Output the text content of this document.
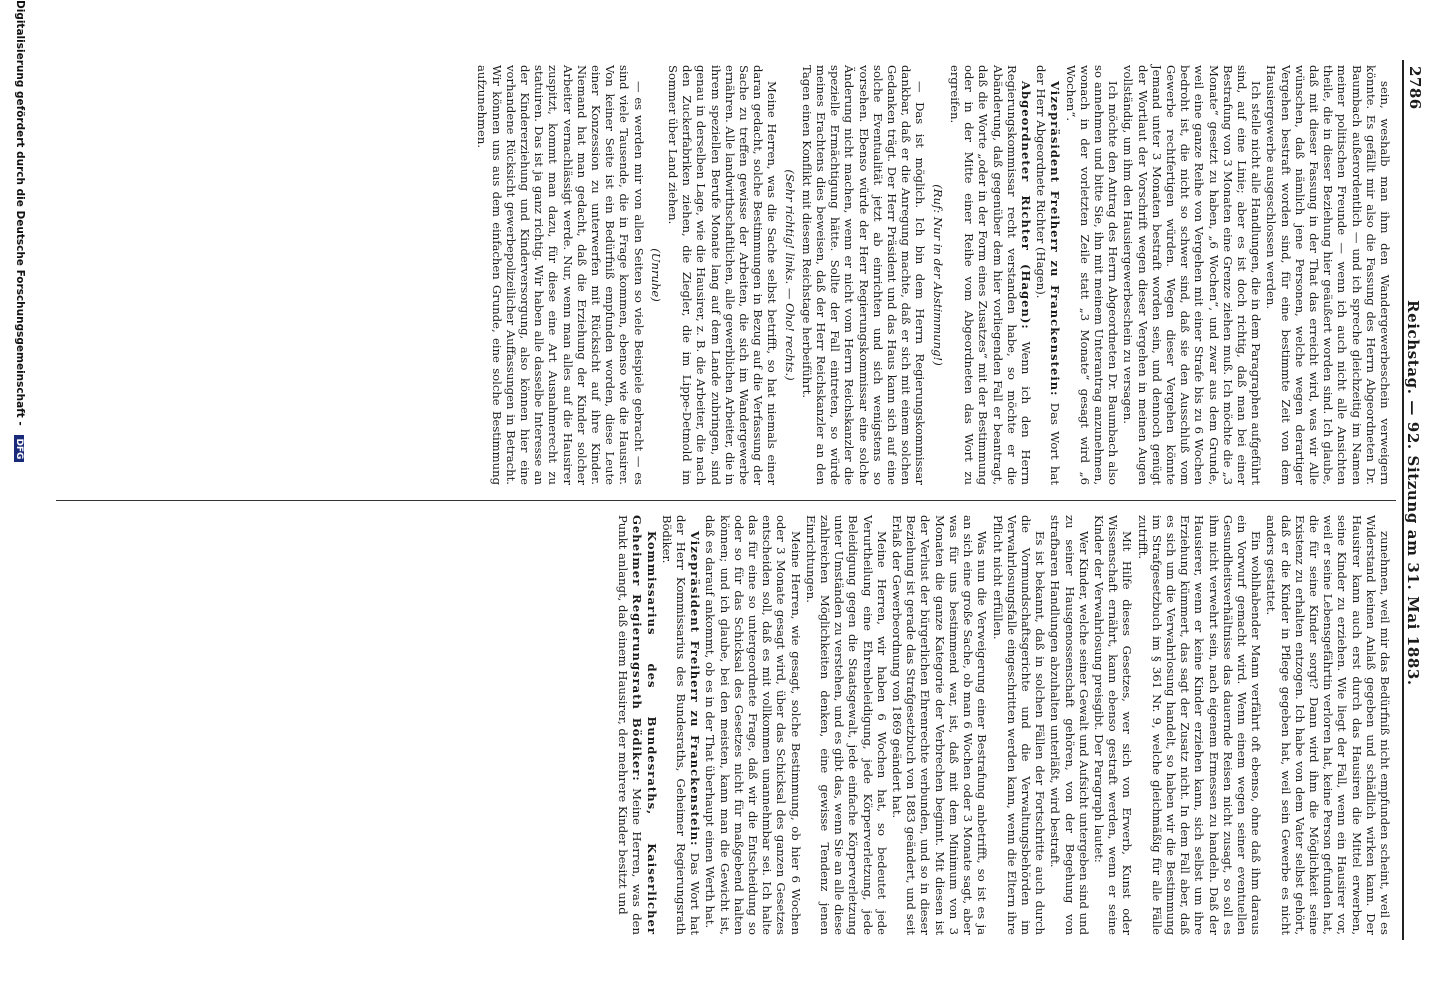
2786
Reichstag. — 92. Sitzung am 31. Mai 1883.

sein, weshalb man ihm den Wandergewerbeschein verweigern könnte. Es gefällt mir also die Fassung des Herrn Abgeordneten Dr. Baumbach außerordentlich — und ich spreche gleichzeitig im Namen meiner politischen Freunde — wenn ich auch nicht alle Ansichten theile, die in dieser Beziehung hier geäußert worden sind. Ich glaube, daß mit dieser Fassung in der That das erreicht wird, was wir Alle wünschen, daß nämlich jene Personen, welche wegen derartiger Vergehen bestraft worden sind, für eine bestimmte Zeit von dem Hausiergewerbe ausgeschlossen werden.

Ich stelle nicht alle Handlungen, die in dem Paragraphen aufgeführt sind, auf eine Linie; aber es ist doch richtig, daß man bei einer Bestrafung von 3 Monaten eine Grenze ziehen muß. Ich möchte die „3 Monate“ gesetzt zu haben, „6 Wochen“, und zwar aus dem Grunde, weil eine ganze Reihe von Vergehen mit einer Strafe bis zu 6 Wochen bedroht ist, die nicht so schwer sind, daß sie den Ausschluß vom Gewerbe rechtfertigen würden. Wegen dieser Vergehen könnte Jemand unter 3 Monaten bestraft worden sein, und dennoch genügt der Wortlaut der Vorschrift wegen dieser Vergehen in meinen Augen vollständig, um ihm den Hausiergewerbeschein zu versagen.

Ich möchte den Antrag des Herrn Abgeordneten Dr. Baumbach also so annehmen und bitte Sie, ihn mit meinem Unterantrag anzunehmen, wonach in der vorletzten Zeile statt „3 Monate“ gesagt wird „6 Wochen“.

Vizepräsident Freiherr zu Franckenstein: Das Wort hat der Herr Abgeordnete Richter (Hagen).

Abgeordneter Richter (Hagen): Wenn ich den Herrn Regierungskommissar recht verstanden habe, so möchte er die Abänderung, daß gegenüber dem hier vorliegenden Fall er beantragt, daß die Worte „oder in der Form eines Zusatzes“ mit der Bestimmung oder in der Mitte einer Reihe vom Abgeordneten das Wort zu ergreifen.

(Ruf: Nur in der Abstimmung!)

— Das ist möglich. Ich bin dem Herrn Regierungskommissar dankbar, daß er die Anregung machte, daß er sich mit einem solchen Gedanken trägt. Der Herr Präsident und das Haus kann sich auf eine solche Eventualität jetzt ab einrichten und sich wenigstens so vorsehen. Ebenso würde der Herr Regierungskommissar eine solche Änderung nicht machen, wenn er nicht vom Herrn Reichskanzler die spezielle Ermächtigung hätte. Sollte der Fall eintreten, so würde meines Erachtens dies beweisen, daß der Herr Reichskanzler an den Tagen einen Konflikt mit diesem Reichstage herbeiführt.

(Sehr richtig! links. — Oho! rechts.)

Meine Herren, was die Sache selbst betrifft, so hat niemals einer daran gedacht, solche Bestimmungen in Bezug auf die Verfassung der Sache zu treffen gewisse der Arbeiten, die sich im Wandergewerbe ernähren. Alle landwirthschaftlichen, alle gewerblichen Arbeiter, die in ihrem speziellen Berufe Monate lang auf dem Lande zubringen, sind genau in derselben Lage, wie die Hausirer, z. B. die Arbeiter, die nach den Zuckerfabriken ziehen, die Ziegler, die im Lippe-Detmold im Sommer über Land ziehen.

(Unruhe)

— es werden mir von allen Seiten so viele Beispiele gebracht — es sind viele Tausende, die in Frage kommen, ebenso wie die Hausirer. Von keiner Seite ist ein Bedürfniß empfunden worden, diese Leute einer Konzession zu unterwerfen mit Rücksicht auf ihre Kinder. Niemand hat man gedacht, daß die Erziehung der Kinder solcher Arbeiter vernachlässigt werde. Nur, wenn man alles auf die Hausirer zuspitzt, kommt man dazu, für diese eine Art Ausnahmerecht zu statuiren. Das ist ja ganz richtig. Wir haben alle dasselbe Interesse an der Kindererziehung und Kinderversorgung, also können hier eine vorhandene Rücksicht gewerbepolizeilicher Auffassungen in Betracht. Wir können uns aus dem einfachen Grunde, eine solche Bestimmung aufzunehmen.

zunehmen, weil mir das Bedürfniß nicht empfunden scheint, weil es Widerstand keinen Anlaß gegeben und schädlich wirken kann. Der Hausirer kann auch erst durch das Hausiren die Mittel erwerben, seine Kinder zu erziehen. Wie liegt der Fall, wenn ein Hausirer vor, weil er seine Lebensgefährtin verloren hat, keine Person gefunden hat, die für seine Kinder sorgt? Dann wird ihm die Möglichkeit seine Existenz zu erhalten entzogen. Ich habe von dem Vater selbst gehört, daß er die Kinder in Pflege gegeben hat, weil sein Gewerbe es nicht anders gestattet.

Ein wohlhabender Mann verfährt oft ebenso, ohne daß ihm daraus ein Vorwurf gemacht wird. Wenn einem wegen seiner eventuellen Gesundheitsverhältnisse das dauernde Reisen nicht zusagt, so soll es ihm nicht verwehrt sein, nach eigenem Ermessen zu handeln. Daß der Hausierer, wenn er keine Kinder erziehen kann, sich selbst um ihre Erziehung kümmert, das sagt der Zusatz nicht. In dem Fall aber, daß es sich um die Verwahrlosung handelt, so haben wir die Bestimmung im Strafgesetzbuch im § 361 Nr. 9, welche gleichmäßig für alle Fälle zutrifft.

Mit Hilfe dieses Gesetzes, wer sich von Erwerb, Kunst oder Wissenschaft ernährt, kann ebenso gestraft werden, wenn er seine Kinder der Verwahrlosung preisgibt. Der Paragraph lautet:

Wer Kinder, welche seiner Gewalt und Aufsicht untergeben sind und zu seiner Hausgenossenschaft gehören, von der Begehung von strafbaren Handlungen abzuhalten unterläßt, wird bestraft.

Es ist bekannt, daß in solchen Fällen der Fortschritte auch durch die Vormundschaftsgerichte und die Verwaltungsbehörden im Verwahrlosungsfalle eingeschritten werden kann, wenn die Eltern ihre Pflicht nicht erfüllen.

Was nun die Verweigerung einer Bestrafung anbetrifft, so ist es ja an sich eine große Sache, ob man 6 Wochen oder 3 Monate sagt, aber was für uns bestimmend war, ist, daß mit dem Minimum von 3 Monaten die ganze Kategorie der Verbrechen beginnt. Mit diesen ist der Verlust der bürgerlichen Ehrenrechte verbunden, und so in dieser Beziehung ist gerade das Strafgesetzbuch von 1883 geändert, und seit Erlaß der Gewerbeordnung von 1869 geändert hat.

Meine Herren, wir haben 6 Wochen hat, so bedeutet jede Verurtheilung eine Ehrenbeleidigung, jede Körperverletzung, jede Beleidigung gegen die Staatsgewalt, jede einfache Körperverletzung unter Umständen zu verstehen, und es gibt das, wenn Sie an alle diese zahlreichen Möglichkeiten denken, eine gewisse Tendenz jenen Einrichtungen.

Meine Herren, wie gesagt, solche Bestimmung, ob hier 6 Wochen oder 3 Monate gesagt wird, über das Schicksal des ganzen Gesetzes entscheiden soll, daß es mit vollkommen unannehmbar sei. Ich halte das für eine so untergeordnete Frage, daß wir die Entscheidung so oder so für das Schicksal des Gesetzes nicht für maßgebend halten können; und ich glaube, bei den meisten, kann man die Gewicht ist, daß es darauf ankommt, ob es in der That überhaupt einen Werth hat.

Vizepräsident Freiherr zu Franckenstein: Das Wort hat der Herr Kommissarius des Bundesraths, Geheimer Regierungsrath Bödiker.

Kommissarius des Bundesraths, Kaiserlicher Geheimer Regierungsrath Bödiker: Meine Herren, was den Punkt anlangt, daß einem Hausirer, der mehrere Kinder besitzt und

Digitalisierung gefördert durch die Deutsche Forschungsgemeinschaft - DFG
